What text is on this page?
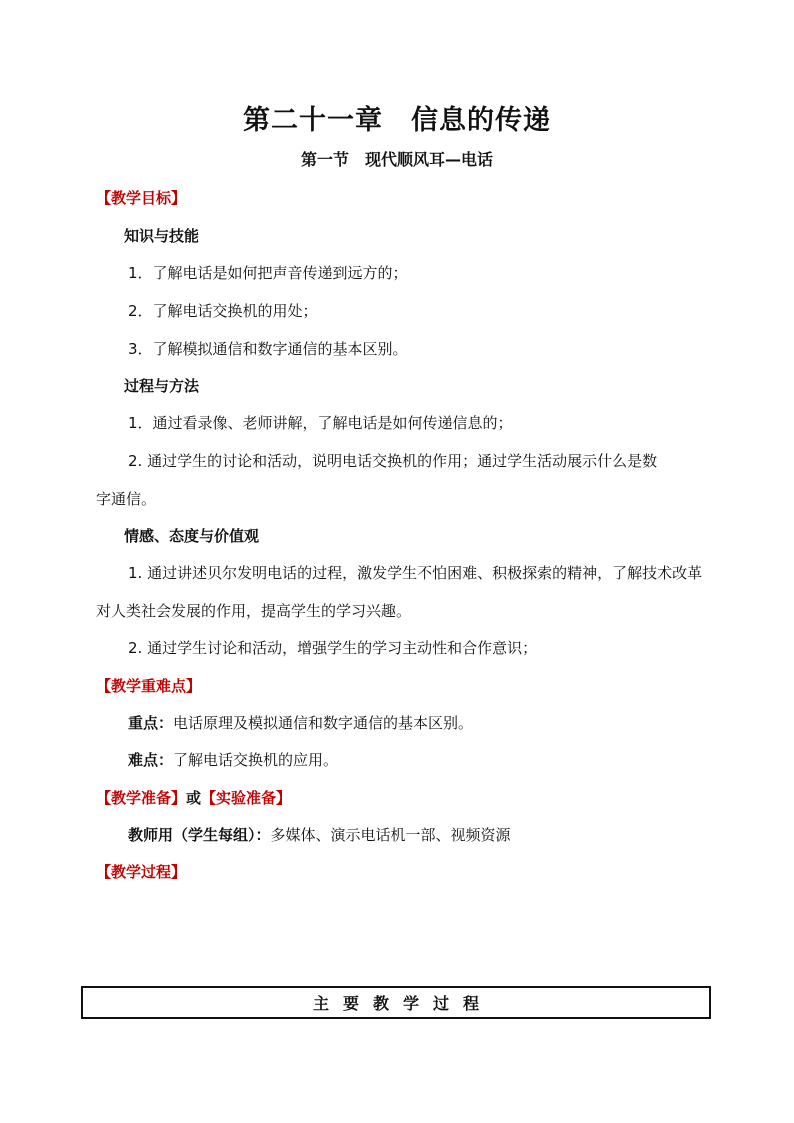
第二十一章　信息的传递
第一节　现代顺风耳—电话
【教学目标】
知识与技能
1．了解电话是如何把声音传递到远方的；
2．了解电话交换机的用处；
3．了解模拟通信和数字通信的基本区别。
过程与方法
1．通过看录像、老师讲解，了解电话是如何传递信息的；
2. 通过学生的讨论和活动，说明电话交换机的作用；通过学生活动展示什么是数
字通信。
情感、态度与价值观
1. 通过讲述贝尔发明电话的过程，激发学生不怕困难、积极探索的精神，了解技术改革
对人类社会发展的作用，提高学生的学习兴趣。
2. 通过学生讨论和活动，增强学生的学习主动性和合作意识；
【教学重难点】
重点：电话原理及模拟通信和数字通信的基本区别。
难点：了解电话交换机的应用。
【教学准备】或【实验准备】
教师用（学生每组）：多媒体、演示电话机一部、视频资源
【教学过程】
主要教学过程
